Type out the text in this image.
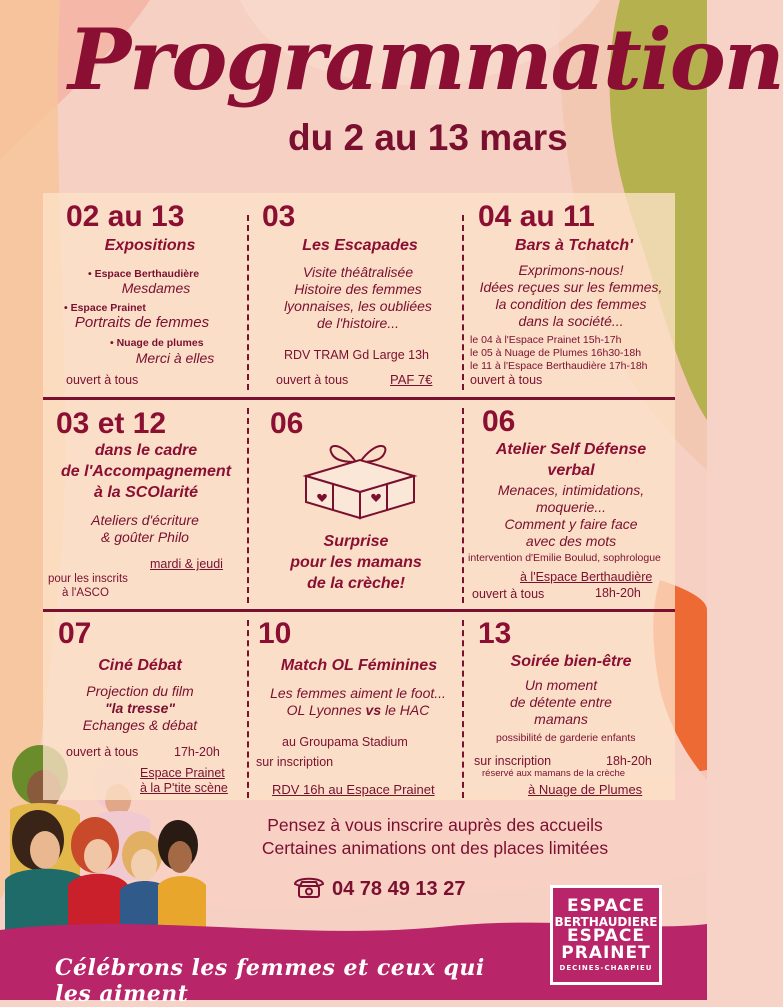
Programmation
du 2 au 13 mars
02 au 13
Expositions
• Espace Berthaudière
Mesdames
• Espace Prainet
Portraits de femmes
• Nuage de plumes
Merci à elles
ouvert à tous
03
Les Escapades
Visite théâtralisée
Histoire des femmes
lyonnaises, les oubliées
de l'histoire...
RDV TRAM Gd Large 13h
ouvert à tous	PAF 7€
04 au 11
Bars à Tchatch'
Exprimons-nous!
Idées reçues sur les femmes,
la condition des femmes
dans la société...
le 04 à l'Espace Prainet 15h-17h
le 05 à Nuage de Plumes 16h30-18h
le 11 à l'Espace Berthaudière 17h-18h
ouvert à tous
03 et 12
dans le cadre
de l'Accompagnement
à la SCOlarité
Ateliers d'écriture
& goûter Philo
mardi & jeudi
pour les inscrits
à l'ASCO
06
Surprise
pour les mamans
de la crèche!
06
Atelier Self Défense
verbal
Menaces, intimidations,
moquerie...
Comment y faire face
avec des mots
intervention d'Emilie Boulud, sophrologue
à l'Espace Berthaudière
ouvert à tous	18h-20h
07
Ciné Débat
Projection du film
"la tresse"
Echanges & débat
ouvert à tous	17h-20h
Espace Prainet
à la P'tite scène
10
Match OL Féminines
Les femmes aiment le foot...
OL Lyonnes vs le HAC
au Groupama Stadium
sur inscription
RDV 16h au Espace Prainet
13
Soirée bien-être
Un moment
de détente entre
mamans
possibilité de garderie enfants
sur inscription	18h-20h
réservé aux mamans de la crèche
à Nuage de Plumes
Pensez à vous inscrire auprès des accueils
Certaines animations ont des places limitées
04 78 49 13 27
Célébrons les femmes et ceux qui les aiment
ESPACE
BERTHAUDIERE
ESPACE
PRAINET
DECINES-CHARPIEU
